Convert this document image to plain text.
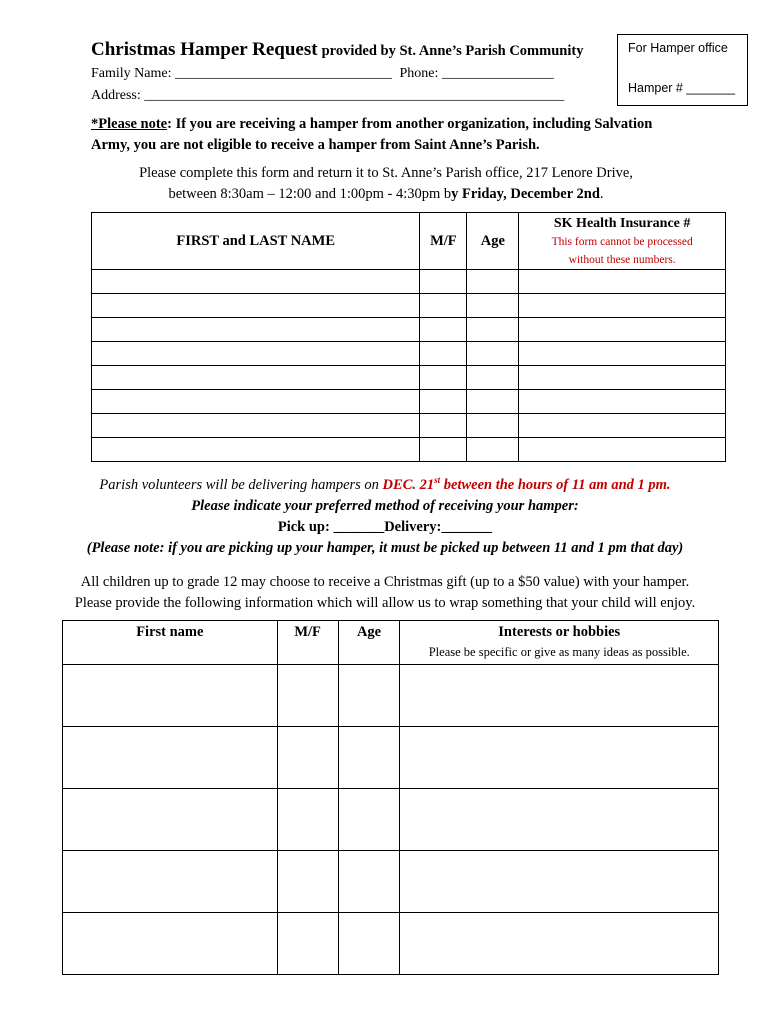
Christmas Hamper Request provided by St. Anne’s Parish Community
Family Name: _______________________________ Phone: ________________
Address: ____________________________________________________________
For Hamper office
Hamper # _______
*Please note: If you are receiving a hamper from another organization, including Salvation Army, you are not eligible to receive a hamper from Saint Anne’s Parish.
Please complete this form and return it to St. Anne’s Parish office, 217 Lenore Drive,
between 8:30am – 12:00 and 1:00pm - 4:30pm by Friday, December 2nd.
FIRST and LAST NAME	M/F	Age	SK Health Insurance #
This form cannot be processed
without these numbers.

Parish volunteers will be delivering hampers on DEC. 21st between the hours of 11 am and 1 pm.
Please indicate your preferred method of receiving your hamper:
Pick up: _______Delivery:_______
(Please note: if you are picking up your hamper, it must be picked up between 11 and 1 pm that day)
All children up to grade 12 may choose to receive a Christmas gift (up to a $50 value) with your hamper.
Please provide the following information which will allow us to wrap something that your child will enjoy.
First name	M/F	Age	Interests or hobbies
Please be specific or give as many ideas as possible.
